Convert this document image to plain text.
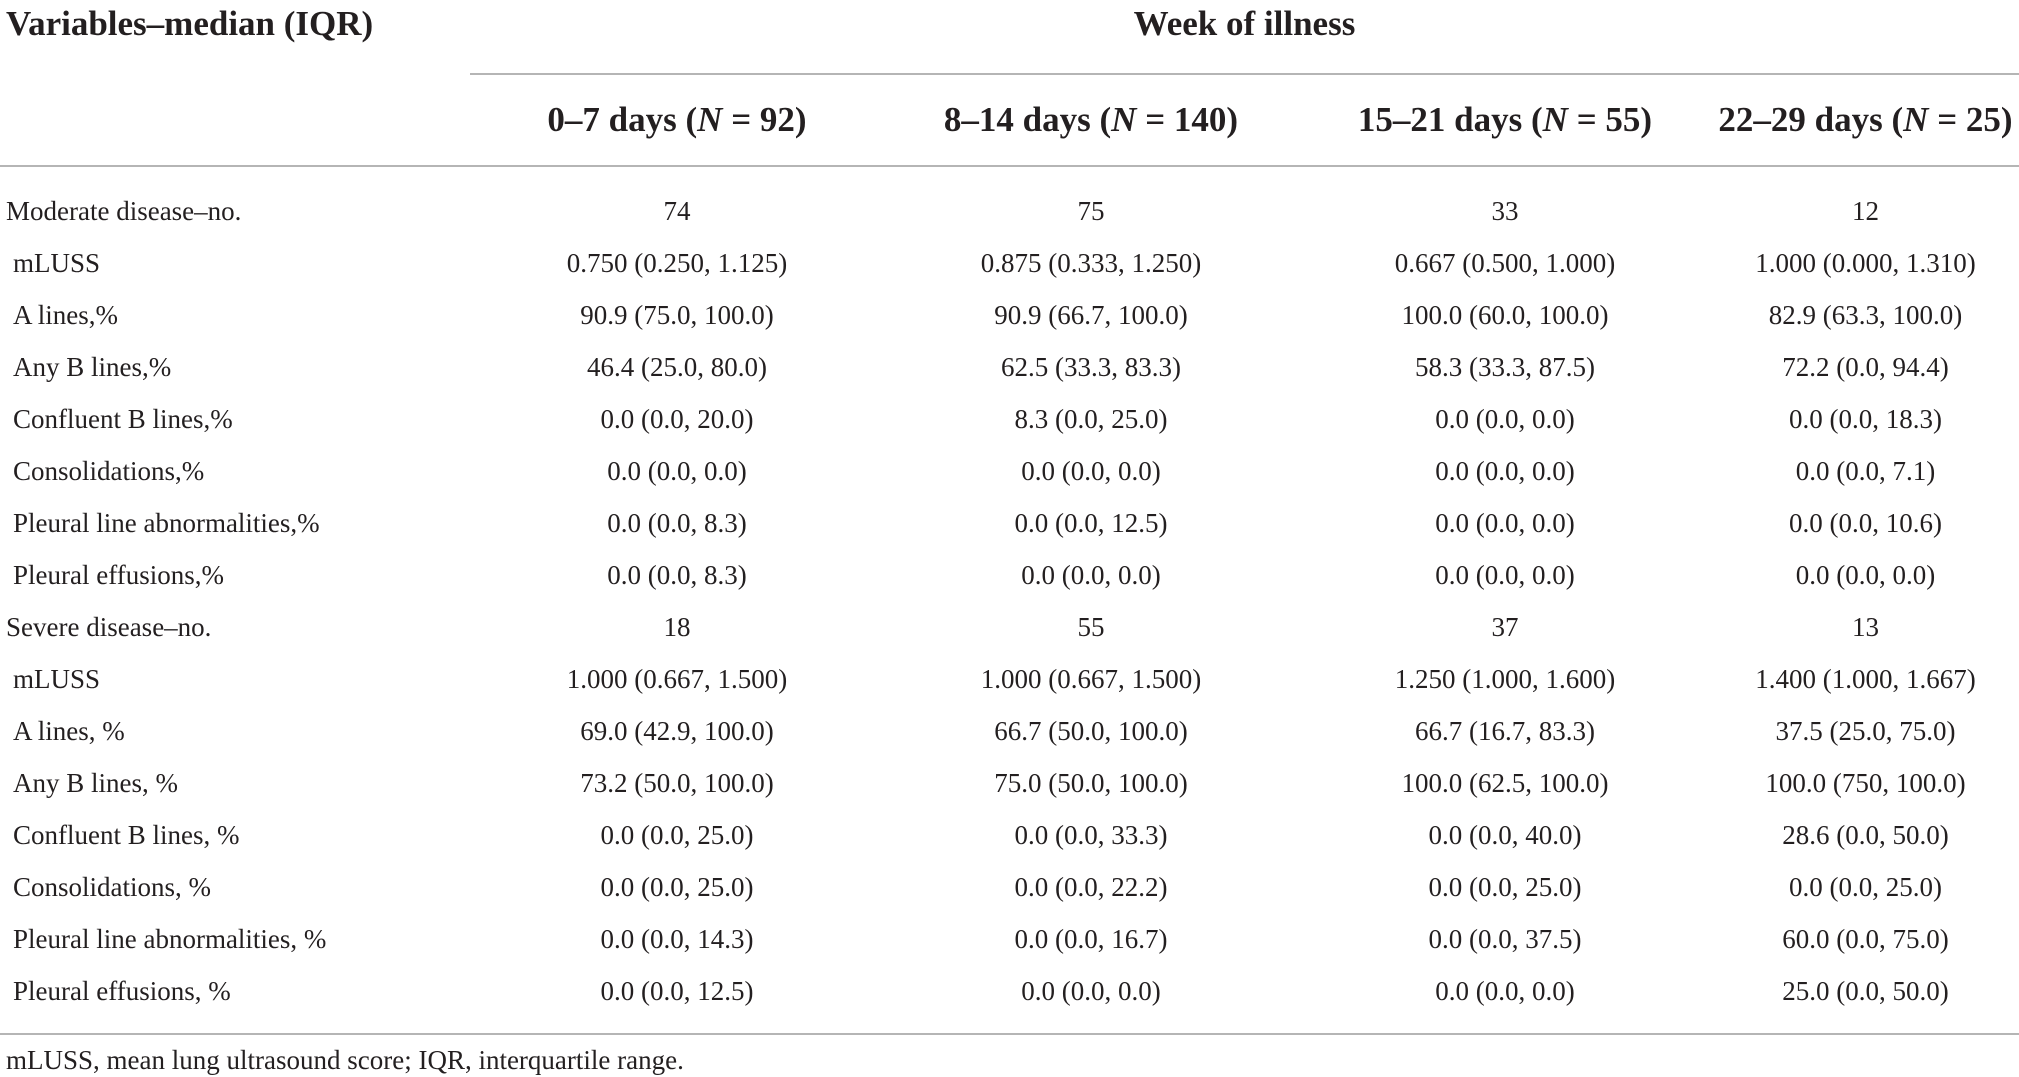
Variables–median (IQR)	Week of illness			
	0–7 days (N = 92)	8–14 days (N = 140)	15–21 days (N = 55)	22–29 days (N = 25)
Moderate disease–no.	74	75	33	12
mLUSS	0.750 (0.250, 1.125)	0.875 (0.333, 1.250)	0.667 (0.500, 1.000)	1.000 (0.000, 1.310)
A lines,%	90.9 (75.0, 100.0)	90.9 (66.7, 100.0)	100.0 (60.0, 100.0)	82.9 (63.3, 100.0)
Any B lines,%	46.4 (25.0, 80.0)	62.5 (33.3, 83.3)	58.3 (33.3, 87.5)	72.2 (0.0, 94.4)
Confluent B lines,%	0.0 (0.0, 20.0)	8.3 (0.0, 25.0)	0.0 (0.0, 0.0)	0.0 (0.0, 18.3)
Consolidations,%	0.0 (0.0, 0.0)	0.0 (0.0, 0.0)	0.0 (0.0, 0.0)	0.0 (0.0, 7.1)
Pleural line abnormalities,%	0.0 (0.0, 8.3)	0.0 (0.0, 12.5)	0.0 (0.0, 0.0)	0.0 (0.0, 10.6)
Pleural effusions,%	0.0 (0.0, 8.3)	0.0 (0.0, 0.0)	0.0 (0.0, 0.0)	0.0 (0.0, 0.0)
Severe disease–no.	18	55	37	13
mLUSS	1.000 (0.667, 1.500)	1.000 (0.667, 1.500)	1.250 (1.000, 1.600)	1.400 (1.000, 1.667)
A lines, %	69.0 (42.9, 100.0)	66.7 (50.0, 100.0)	66.7 (16.7, 83.3)	37.5 (25.0, 75.0)
Any B lines, %	73.2 (50.0, 100.0)	75.0 (50.0, 100.0)	100.0 (62.5, 100.0)	100.0 (750, 100.0)
Confluent B lines, %	0.0 (0.0, 25.0)	0.0 (0.0, 33.3)	0.0 (0.0, 40.0)	28.6 (0.0, 50.0)
Consolidations, %	0.0 (0.0, 25.0)	0.0 (0.0, 22.2)	0.0 (0.0, 25.0)	0.0 (0.0, 25.0)
Pleural line abnormalities, %	0.0 (0.0, 14.3)	0.0 (0.0, 16.7)	0.0 (0.0, 37.5)	60.0 (0.0, 75.0)
Pleural effusions, %	0.0 (0.0, 12.5)	0.0 (0.0, 0.0)	0.0 (0.0, 0.0)	25.0 (0.0, 50.0)
mLUSS, mean lung ultrasound score; IQR, interquartile range.				
